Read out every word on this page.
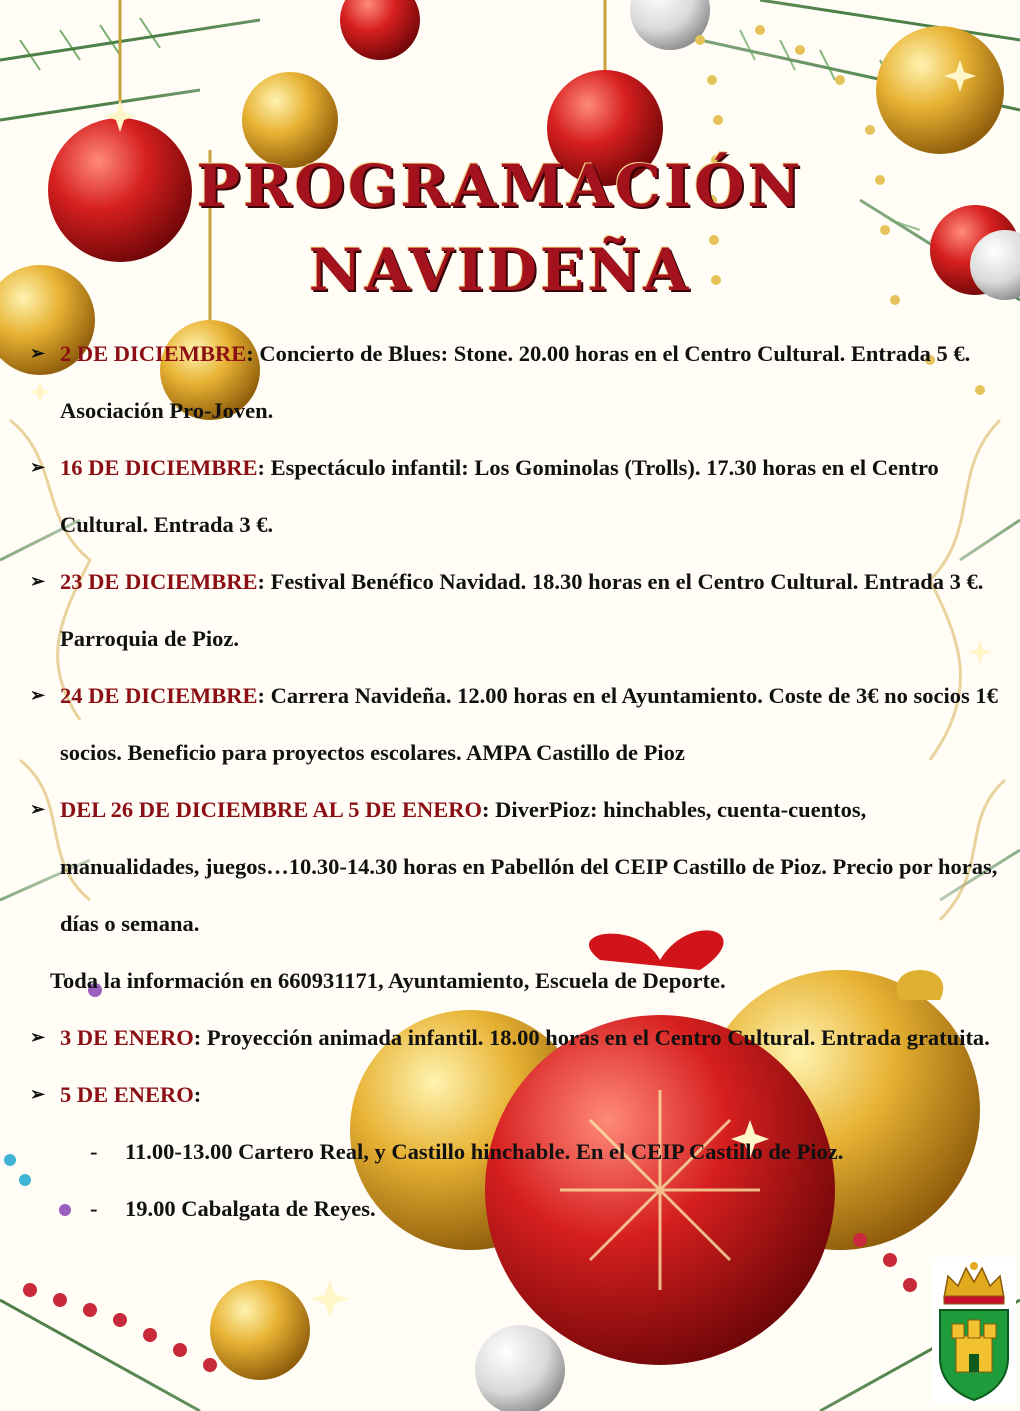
PROGRAMACIÓN
NAVIDEÑA
➢ 2 DE DICIEMBRE: Concierto de Blues: Stone. 20.00 horas en el Centro Cultural. Entrada 5 €. Asociación Pro-Joven.
➢ 16 DE DICIEMBRE: Espectáculo infantil: Los Gominolas (Trolls). 17.30 horas en el Centro Cultural. Entrada 3 €.
➢ 23 DE DICIEMBRE: Festival Benéfico Navidad. 18.30 horas en el Centro Cultural. Entrada 3 €. Parroquia de Pioz.
➢ 24 DE DICIEMBRE: Carrera Navideña. 12.00 horas en el Ayuntamiento. Coste de 3€ no socios 1€ socios. Beneficio para proyectos escolares. AMPA Castillo de Pioz
➢ DEL 26 DE DICIEMBRE AL 5 DE ENERO: DiverPioz: hinchables, cuenta-cuentos, manualidades, juegos…10.30-14.30 horas en Pabellón del CEIP Castillo de Pioz. Precio por horas, días o semana.
Toda la información en 660931171, Ayuntamiento, Escuela de Deporte.
➢ 3 DE ENERO: Proyección animada infantil. 18.00 horas en el Centro Cultural. Entrada gratuita.
➢ 5 DE ENERO:
- 11.00-13.00 Cartero Real, y Castillo hinchable. En el CEIP Castillo de Pioz.
- 19.00 Cabalgata de Reyes.
